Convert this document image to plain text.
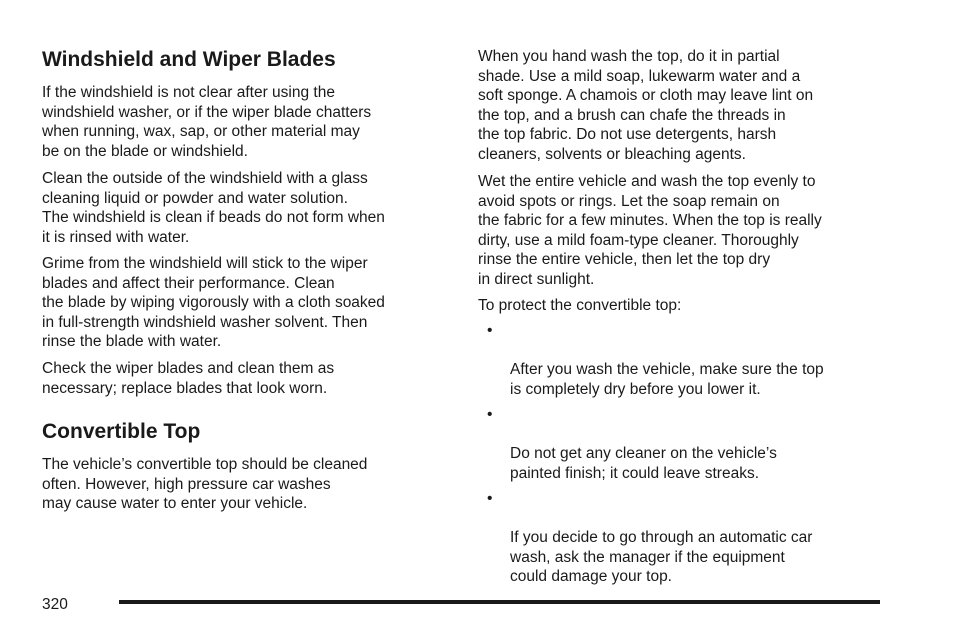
Windshield and Wiper Blades

If the windshield is not clear after using the
windshield washer, or if the wiper blade chatters
when running, wax, sap, or other material may
be on the blade or windshield.

Clean the outside of the windshield with a glass
cleaning liquid or powder and water solution.
The windshield is clean if beads do not form when
it is rinsed with water.

Grime from the windshield will stick to the wiper
blades and affect their performance. Clean
the blade by wiping vigorously with a cloth soaked
in full-strength windshield washer solvent. Then
rinse the blade with water.

Check the wiper blades and clean them as
necessary; replace blades that look worn.

Convertible Top

The vehicle’s convertible top should be cleaned
often. However, high pressure car washes
may cause water to enter your vehicle.

When you hand wash the top, do it in partial
shade. Use a mild soap, lukewarm water and a
soft sponge. A chamois or cloth may leave lint on
the top, and a brush can chafe the threads in
the top fabric. Do not use detergents, harsh
cleaners, solvents or bleaching agents.

Wet the entire vehicle and wash the top evenly to
avoid spots or rings. Let the soap remain on
the fabric for a few minutes. When the top is really
dirty, use a mild foam-type cleaner. Thoroughly
rinse the entire vehicle, then let the top dry
in direct sunlight.

To protect the convertible top:

•

After you wash the vehicle, make sure the top
is completely dry before you lower it.

•

Do not get any cleaner on the vehicle’s
painted finish; it could leave streaks.

•

If you decide to go through an automatic car
wash, ask the manager if the equipment
could damage your top.

320
